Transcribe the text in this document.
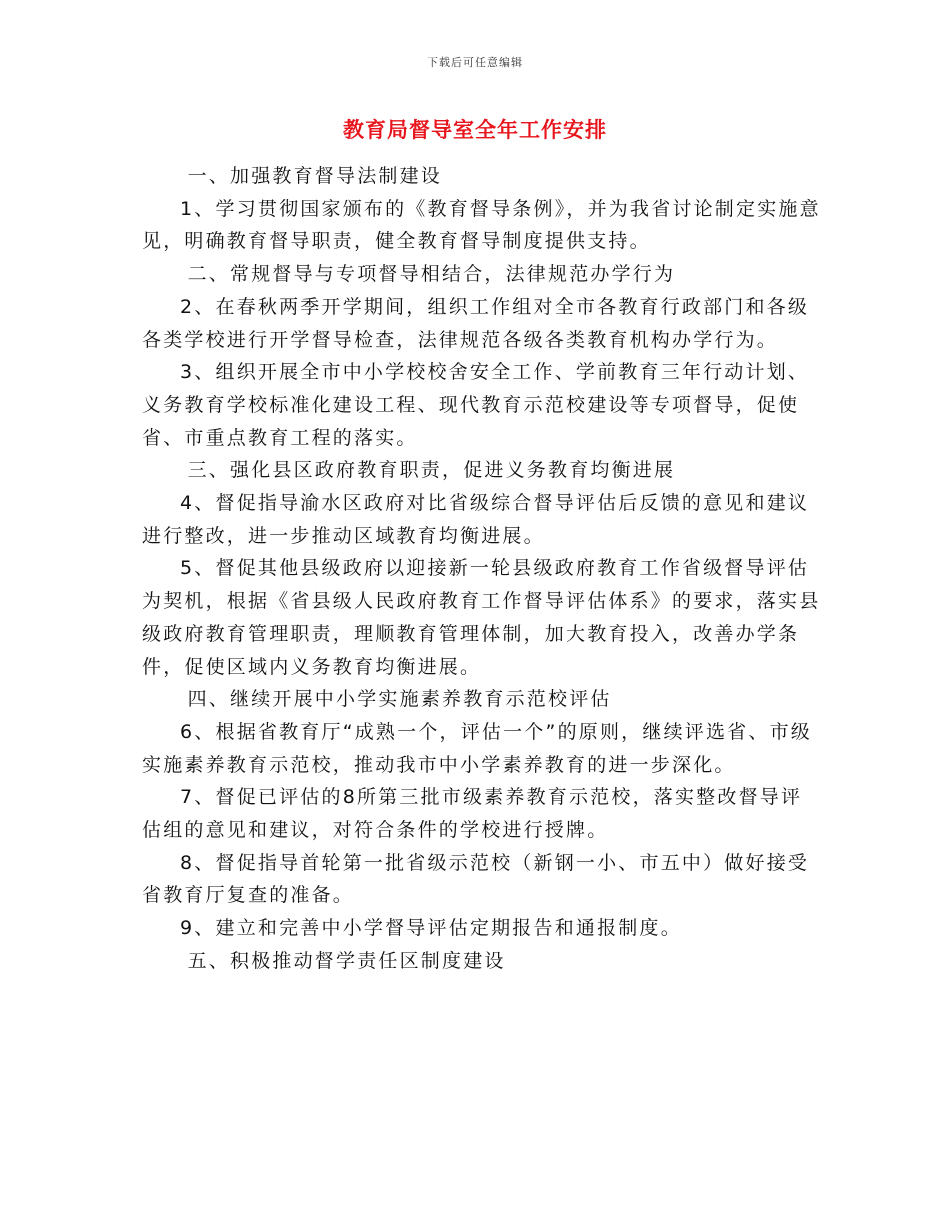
下载后可任意编辑
教育局督导室全年工作安排

一、加强教育督导法制建设

1、学习贯彻国家颁布的《教育督导条例》，并为我省讨论制定实施意见，明确教育督导职责，健全教育督导制度提供支持。

二、常规督导与专项督导相结合，法律规范办学行为

2、在春秋两季开学期间，组织工作组对全市各教育行政部门和各级各类学校进行开学督导检查，法律规范各级各类教育机构办学行为。

3、组织开展全市中小学校校舍安全工作、学前教育三年行动计划、义务教育学校标准化建设工程、现代教育示范校建设等专项督导，促使省、市重点教育工程的落实。

三、强化县区政府教育职责，促进义务教育均衡进展

4、督促指导渝水区政府对比省级综合督导评估后反馈的意见和建议进行整改，进一步推动区域教育均衡进展。

5、督促其他县级政府以迎接新一轮县级政府教育工作省级督导评估为契机，根据《省县级人民政府教育工作督导评估体系》的要求，落实县级政府教育管理职责，理顺教育管理体制，加大教育投入，改善办学条件，促使区域内义务教育均衡进展。

四、继续开展中小学实施素养教育示范校评估

6、根据省教育厅“成熟一个，评估一个”的原则，继续评选省、市级实施素养教育示范校，推动我市中小学素养教育的进一步深化。

7、督促已评估的8所第三批市级素养教育示范校，落实整改督导评估组的意见和建议，对符合条件的学校进行授牌。

8、督促指导首轮第一批省级示范校（新钢一小、市五中）做好接受省教育厅复查的准备。

9、建立和完善中小学督导评估定期报告和通报制度。

五、积极推动督学责任区制度建设
